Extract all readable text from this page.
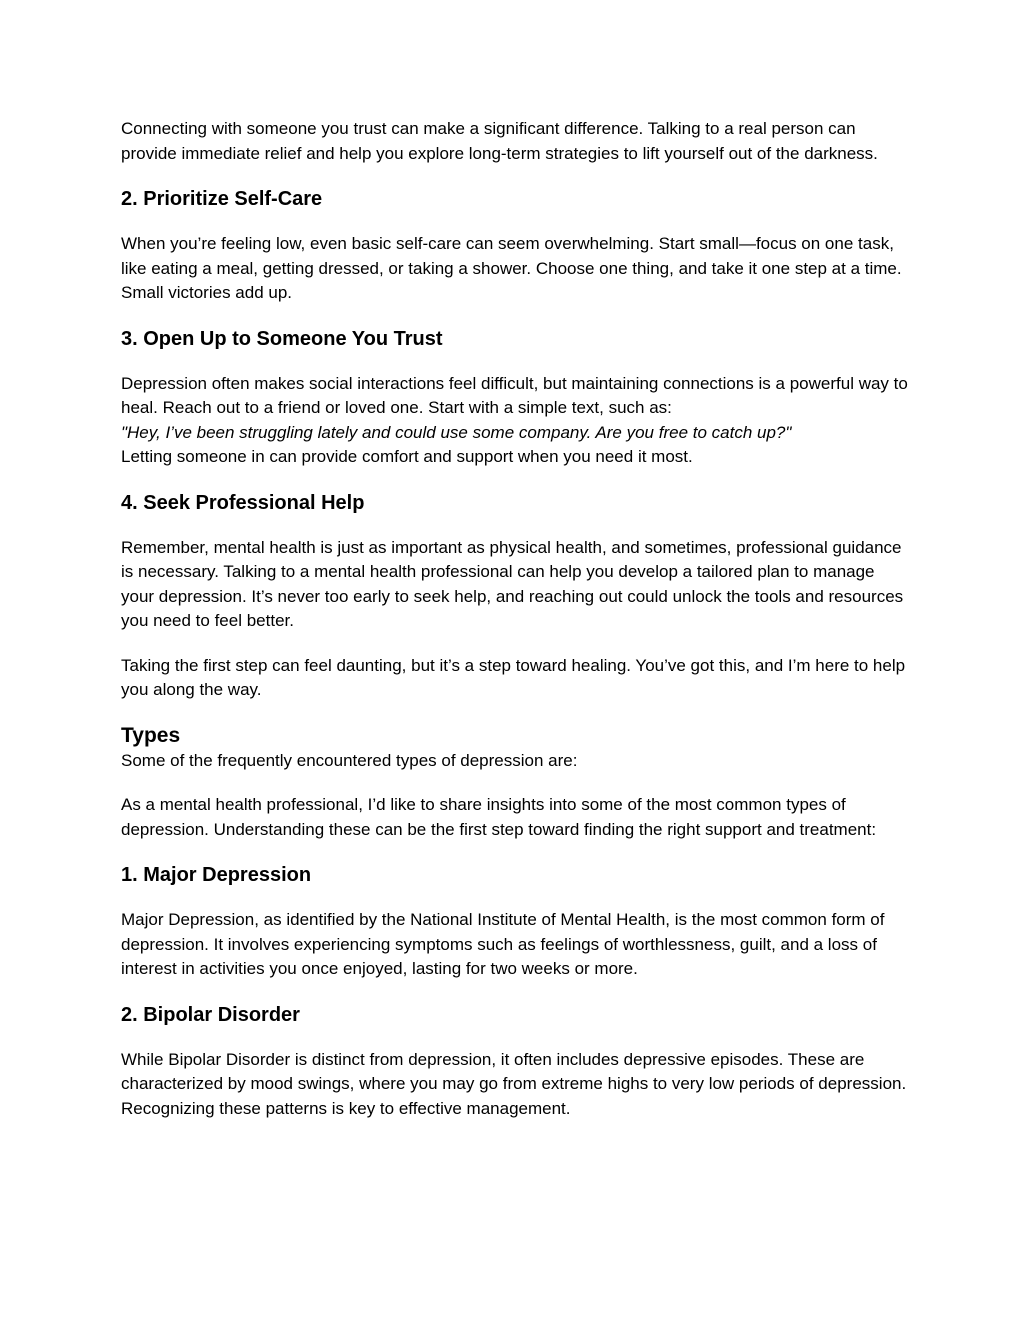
Connecting with someone you trust can make a significant difference. Talking to a real person can provide immediate relief and help you explore long-term strategies to lift yourself out of the darkness.

2. Prioritize Self-Care

When you’re feeling low, even basic self-care can seem overwhelming. Start small—focus on one task, like eating a meal, getting dressed, or taking a shower. Choose one thing, and take it one step at a time. Small victories add up.

3. Open Up to Someone You Trust

Depression often makes social interactions feel difficult, but maintaining connections is a powerful way to heal. Reach out to a friend or loved one. Start with a simple text, such as:
"Hey, I’ve been struggling lately and could use some company. Are you free to catch up?"
Letting someone in can provide comfort and support when you need it most.

4. Seek Professional Help

Remember, mental health is just as important as physical health, and sometimes, professional guidance is necessary. Talking to a mental health professional can help you develop a tailored plan to manage your depression. It’s never too early to seek help, and reaching out could unlock the tools and resources you need to feel better.

Taking the first step can feel daunting, but it’s a step toward healing. You’ve got this, and I’m here to help you along the way.

Types

Some of the frequently encountered types of depression are:

As a mental health professional, I’d like to share insights into some of the most common types of depression. Understanding these can be the first step toward finding the right support and treatment:

1. Major Depression

Major Depression, as identified by the National Institute of Mental Health, is the most common form of depression. It involves experiencing symptoms such as feelings of worthlessness, guilt, and a loss of interest in activities you once enjoyed, lasting for two weeks or more.

2. Bipolar Disorder

While Bipolar Disorder is distinct from depression, it often includes depressive episodes. These are characterized by mood swings, where you may go from extreme highs to very low periods of depression. Recognizing these patterns is key to effective management.
